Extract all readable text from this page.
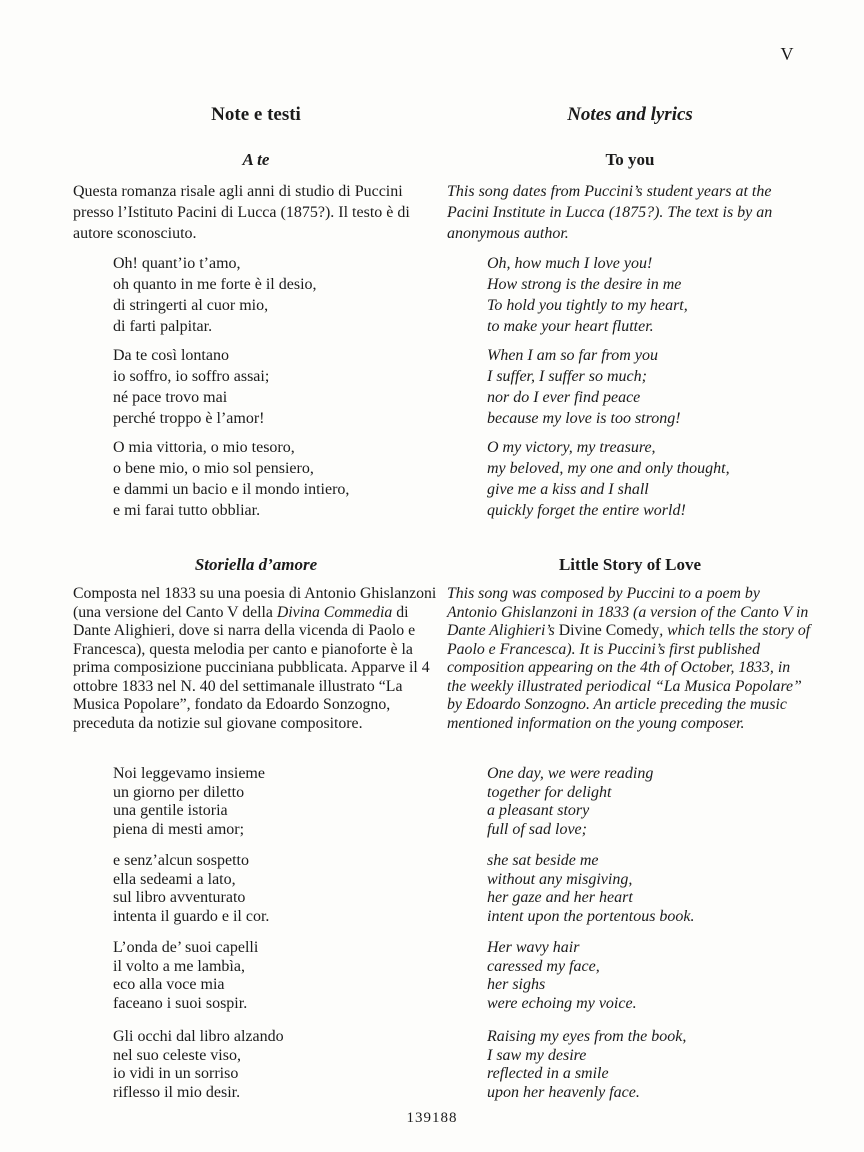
V
Note e testi
A te

Questa romanza risale agli anni di studio di Puccini presso l’Istituto Pacini di Lucca (1875?). Il testo è di autore sconosciuto.

Oh! quant’io t’amo,
oh quanto in me forte è il desio,
di stringerti al cuor mio,
di farti palpitar.
Da te così lontano
io soffro, io soffro assai;
né pace trovo mai
perché troppo è l’amor!
O mia vittoria, o mio tesoro,
o bene mio, o mio sol pensiero,
e dammi un bacio e il mondo intiero,
e mi farai tutto obbliar.
Storiella d’amore

Composta nel 1833 su una poesia di Antonio Ghislanzoni (una versione del Canto V della Divina Commedia di Dante Alighieri, dove si narra della vicenda di Paolo e Francesca), questa melodia per canto e pianoforte è la prima composizione pucciniana pubblicata. Apparve il 4 ottobre 1833 nel N. 40 del settimanale illustrato “La Musica Popolare”, fondato da Edoardo Sonzogno, preceduta da notizie sul giovane compositore.

Noi leggevamo insieme
un giorno per diletto
una gentile istoria
piena di mesti amor;
e senz’alcun sospetto
ella sedeami a lato,
sul libro avventurato
intenta il guardo e il cor.
L’onda de’ suoi capelli
il volto a me lambìa,
eco alla voce mia
faceano i suoi sospir.
Gli occhi dal libro alzando
nel suo celeste viso,
io vidi in un sorriso
riflesso il mio desir.
Notes and lyrics
To you

This song dates from Puccini’s student years at the Pacini Institute in Lucca (1875?). The text is by an anonymous author.

Oh, how much I love you!
How strong is the desire in me
To hold you tightly to my heart,
to make your heart flutter.
When I am so far from you
I suffer, I suffer so much;
nor do I ever find peace
because my love is too strong!
O my victory, my treasure,
my beloved, my one and only thought,
give me a kiss and I shall
quickly forget the entire world!
Little Story of Love

This song was composed by Puccini to a poem by Antonio Ghislanzoni in 1833 (a version of the Canto V in Dante Alighieri’s Divine Comedy, which tells the story of Paolo e Francesca). It is Puccini’s first published composition appearing on the 4th of October, 1833, in the weekly illustrated periodical “La Musica Popolare” by Edoardo Sonzogno. An article preceding the music mentioned information on the young composer.

One day, we were reading
together for delight
a pleasant story
full of sad love;
she sat beside me
without any misgiving,
her gaze and her heart
intent upon the portentous book.
Her wavy hair
caressed my face,
her sighs
were echoing my voice.
Raising my eyes from the book,
I saw my desire
reflected in a smile
upon her heavenly face.
139188
